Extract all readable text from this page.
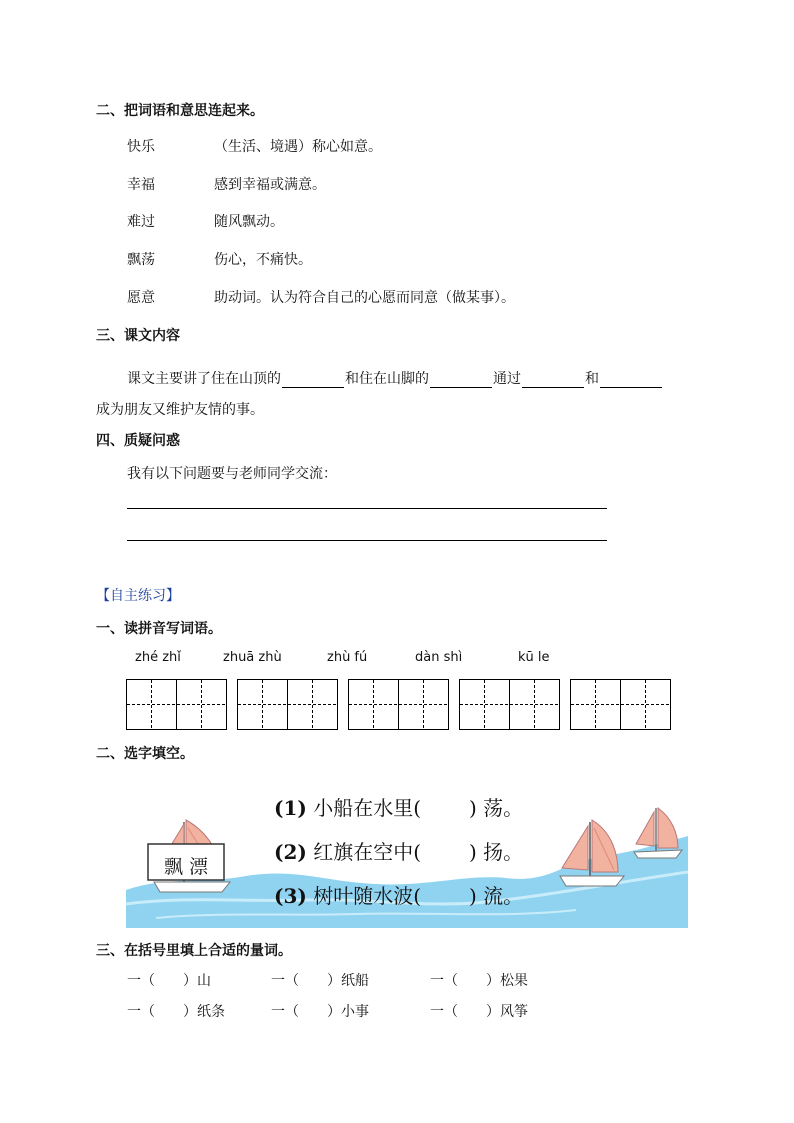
二、把词语和意思连起来。
快乐	（生活、境遇）称心如意。
幸福	感到幸福或满意。
难过	随风飘动。
飘荡	伤心，不痛快。
愿意	助动词。认为符合自己的心愿而同意（做某事）。
三、课文内容
课文主要讲了住在山顶的	和住在山脚的	通过	和
成为朋友又维护友情的事。
四、质疑问惑
我有以下问题要与老师同学交流：
【自主练习】
一、读拼音写词语。
zhé zhǐ	zhuā zhù	zhù fú	dàn shì	kū le
二、选字填空。
飘 漂
(1) 小船在水里( ) 荡。
(2) 红旗在空中( ) 扬。
(3) 树叶随水波( ) 流。
三、在括号里填上合适的量词。
一（　　）山	一（　　）纸船	一（　　）松果
一（　　）纸条	一（　　）小事	一（　　）风筝
